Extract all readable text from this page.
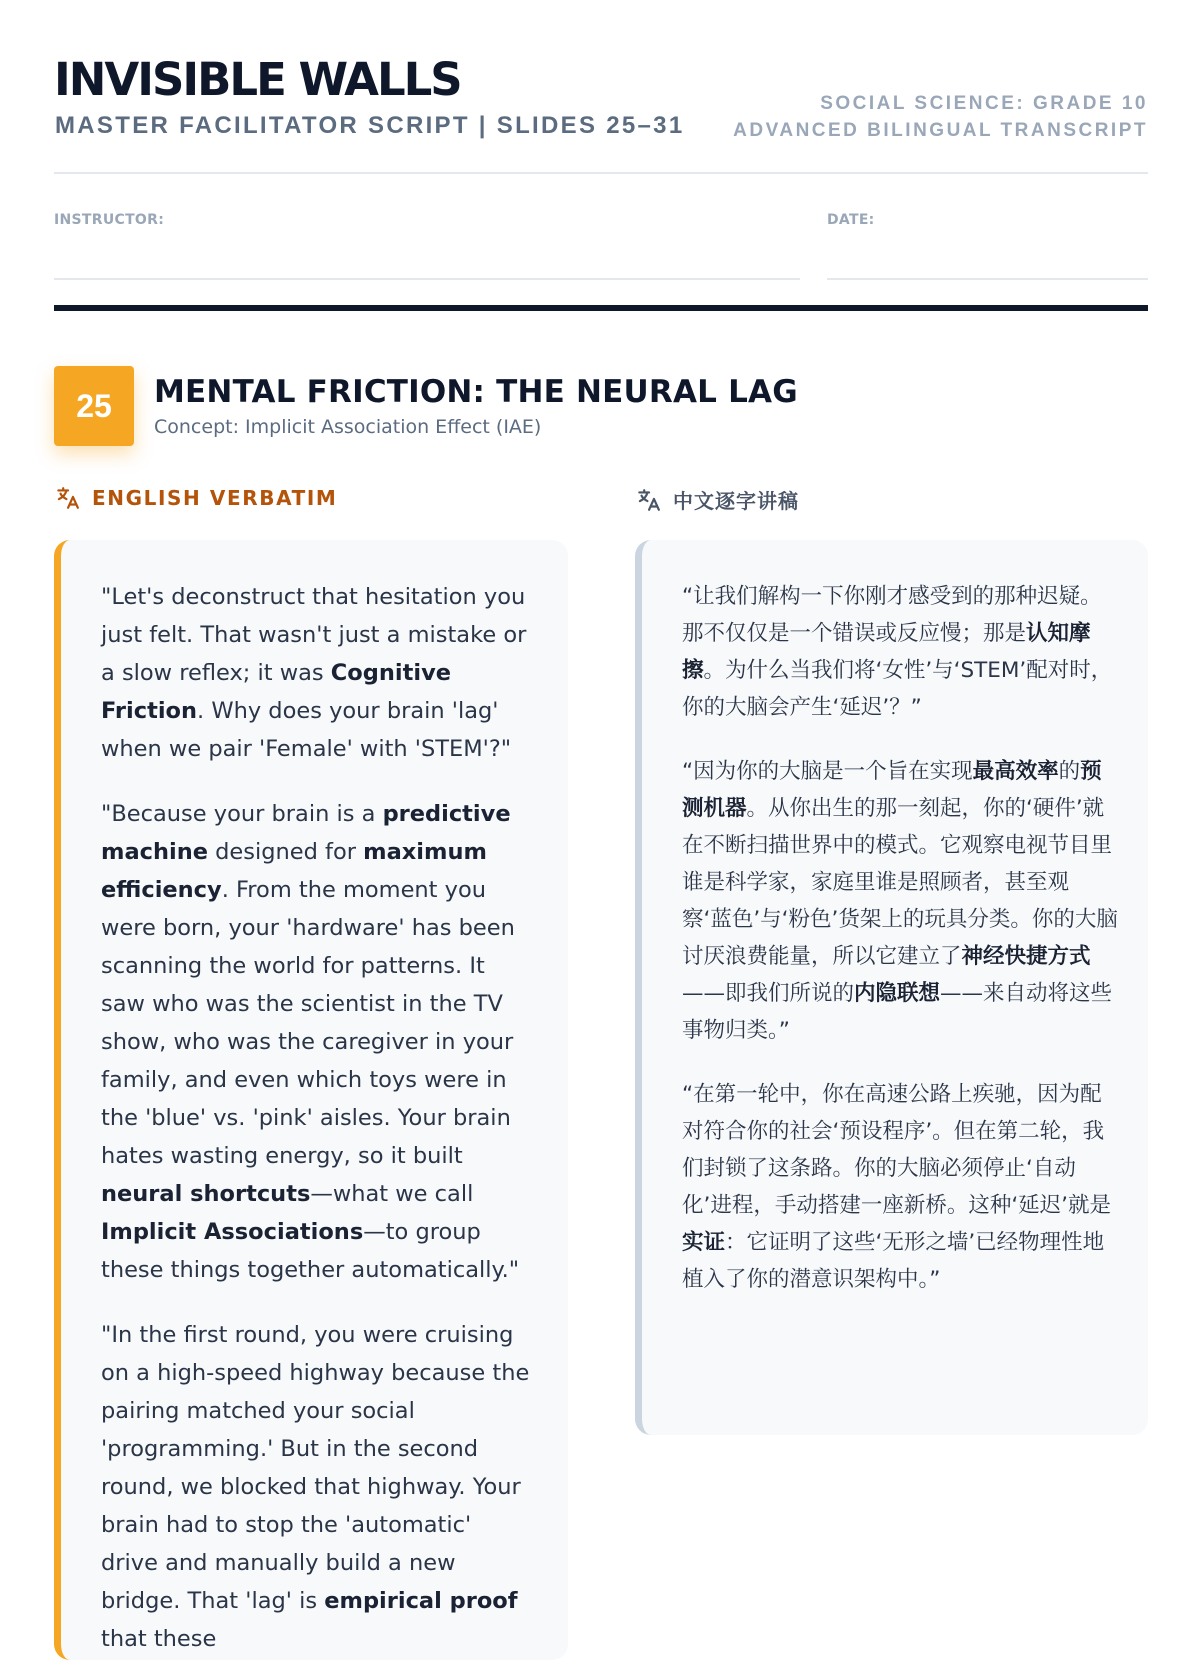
INVISIBLE WALLS
MASTER FACILITATOR SCRIPT | SLIDES 25–31
SOCIAL SCIENCE: GRADE 10
ADVANCED BILINGUAL TRANSCRIPT
INSTRUCTOR:	DATE:
25	MENTAL FRICTION: THE NEURAL LAG
Concept: Implicit Association Effect (IAE)
ENGLISH VERBATIM

"Let's deconstruct that hesitation you just felt. That wasn't just a mistake or a slow reflex; it was Cognitive Friction. Why does your brain 'lag' when we pair 'Female' with 'STEM'?"

"Because your brain is a predictive machine designed for maximum efficiency. From the moment you were born, your 'hardware' has been scanning the world for patterns. It saw who was the scientist in the TV show, who was the caregiver in your family, and even which toys were in the 'blue' vs. 'pink' aisles. Your brain hates wasting energy, so it built neural shortcuts—what we call Implicit Associations—to group these things together automatically."

"In the first round, you were cruising on a high-speed highway because the pairing matched your social 'programming.' But in the second round, we blocked that highway. Your brain had to stop the 'automatic' drive and manually build a new bridge. That 'lag' is empirical proof that these

中文逐字讲稿

“让我们解构一下你刚才感受到的那种迟疑。那不仅仅是一个错误或反应慢；那是认知摩擦。为什么当我们将‘女性’与‘STEM’配对时，你的大脑会产生‘延迟’？”

“因为你的大脑是一个旨在实现最高效率的预测机器。从你出生的那一刻起，你的‘硬件’就在不断扫描世界中的模式。它观察电视节目里谁是科学家，家庭里谁是照顾者，甚至观察‘蓝色’与‘粉色’货架上的玩具分类。你的大脑讨厌浪费能量，所以它建立了神经快捷方式——即我们所说的内隐联想——来自动将这些事物归类。”

“在第一轮中，你在高速公路上疾驰，因为配对符合你的社会‘预设程序’。但在第二轮，我们封锁了这条路。你的大脑必须停止‘自动化’进程，手动搭建一座新桥。这种‘延迟’就是实证：它证明了这些‘无形之墙’已经物理性地植入了你的潜意识架构中。”
